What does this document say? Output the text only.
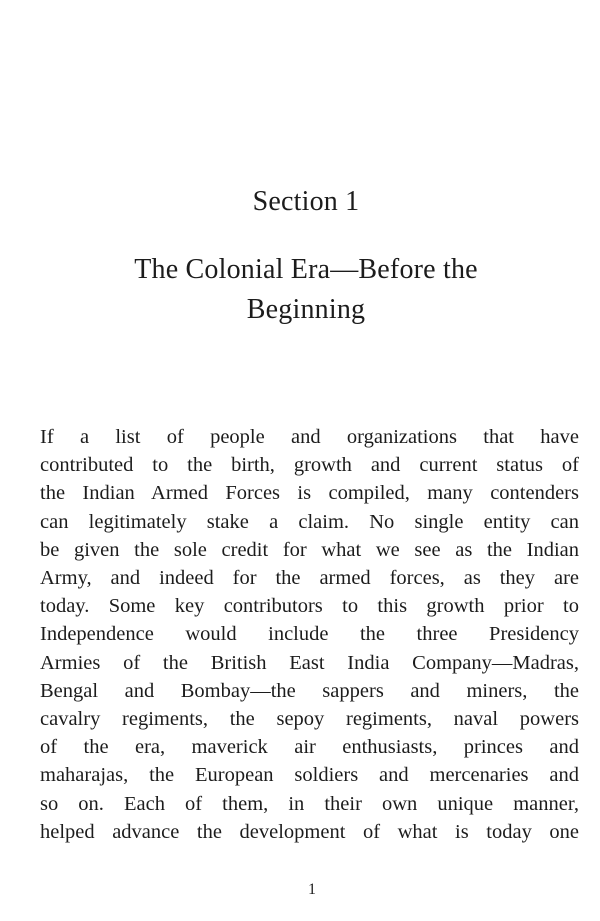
Section 1
The Colonial Era—Before the
Beginning
If a list of people and organizations that have
contributed to the birth, growth and current status of
the Indian Armed Forces is compiled, many contenders
can legitimately stake a claim. No single entity can
be given the sole credit for what we see as the Indian
Army, and indeed for the armed forces, as they are
today. Some key contributors to this growth prior to
Independence would include the three Presidency
Armies of the British East India Company—Madras,
Bengal and Bombay—the sappers and miners, the
cavalry regiments, the sepoy regiments, naval powers
of the era, maverick air enthusiasts, princes and
maharajas, the European soldiers and mercenaries and
so on. Each of them, in their own unique manner,
helped advance the development of what is today one
1
